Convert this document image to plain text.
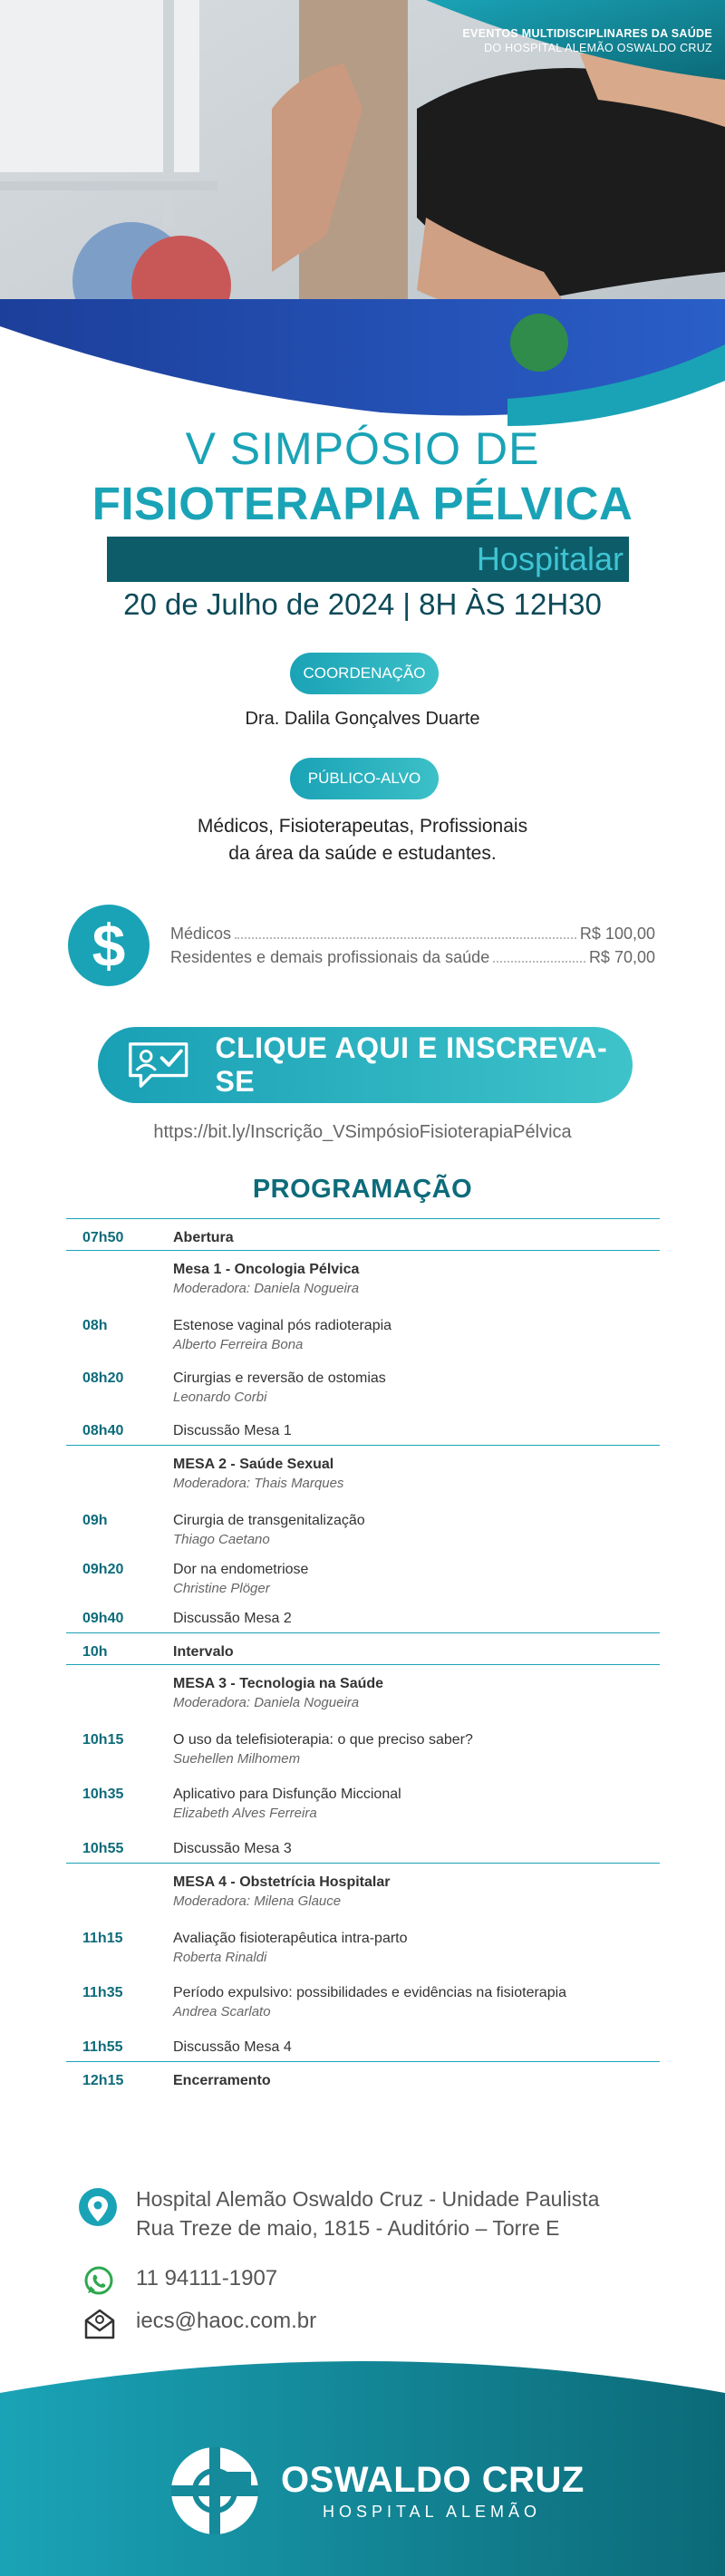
EVENTOS MULTIDISCIPLINARES DA SAÚDE
DO HOSPITAL ALEMÃO OSWALDO CRUZ
V SIMPÓSIO DE
FISIOTERAPIA PÉLVICA
Hospitalar
20 de Julho de 2024 | 8H ÀS 12H30
COORDENAÇÃO
Dra. Dalila Gonçalves Duarte
PÚBLICO-ALVO
Médicos, Fisioterapeutas, Profissionais
da área da saúde e estudantes.
$	Médicos	R$ 100,00
Residentes e demais profissionais da saúde	R$ 70,00
CLIQUE AQUI E INSCREVA-SE
https://bit.ly/Inscrição_VSimpósioFisioterapiaPélvica
PROGRAMAÇÃO
07h50	Abertura
Mesa 1 - Oncologia Pélvica
Moderadora: Daniela Nogueira
08h	Estenose vaginal pós radioterapia
Alberto Ferreira Bona
08h20	Cirurgias e reversão de ostomias
Leonardo Corbi
08h40	Discussão Mesa 1
MESA 2 - Saúde Sexual
Moderadora: Thais Marques
09h	Cirurgia de transgenitalização
Thiago Caetano
09h20	Dor na endometriose
Christine Plöger
09h40	Discussão Mesa 2
10h	Intervalo
MESA 3 - Tecnologia na Saúde
Moderadora: Daniela Nogueira
10h15	O uso da telefisioterapia: o que preciso saber?
Suehellen Milhomem
10h35	Aplicativo para Disfunção Miccional
Elizabeth Alves Ferreira
10h55	Discussão Mesa 3
MESA 4 - Obstetrícia Hospitalar
Moderadora: Milena Glauce
11h15	Avaliação fisioterapêutica intra-parto
Roberta Rinaldi
11h35	Período expulsivo: possibilidades e evidências na fisioterapia
Andrea Scarlato
11h55	Discussão Mesa 4
12h15	Encerramento
Hospital Alemão Oswaldo Cruz - Unidade Paulista
Rua Treze de maio, 1815 - Auditório – Torre E
11 94111-1907
iecs@haoc.com.br
OSWALDO CRUZ
HOSPITAL ALEMÃO
